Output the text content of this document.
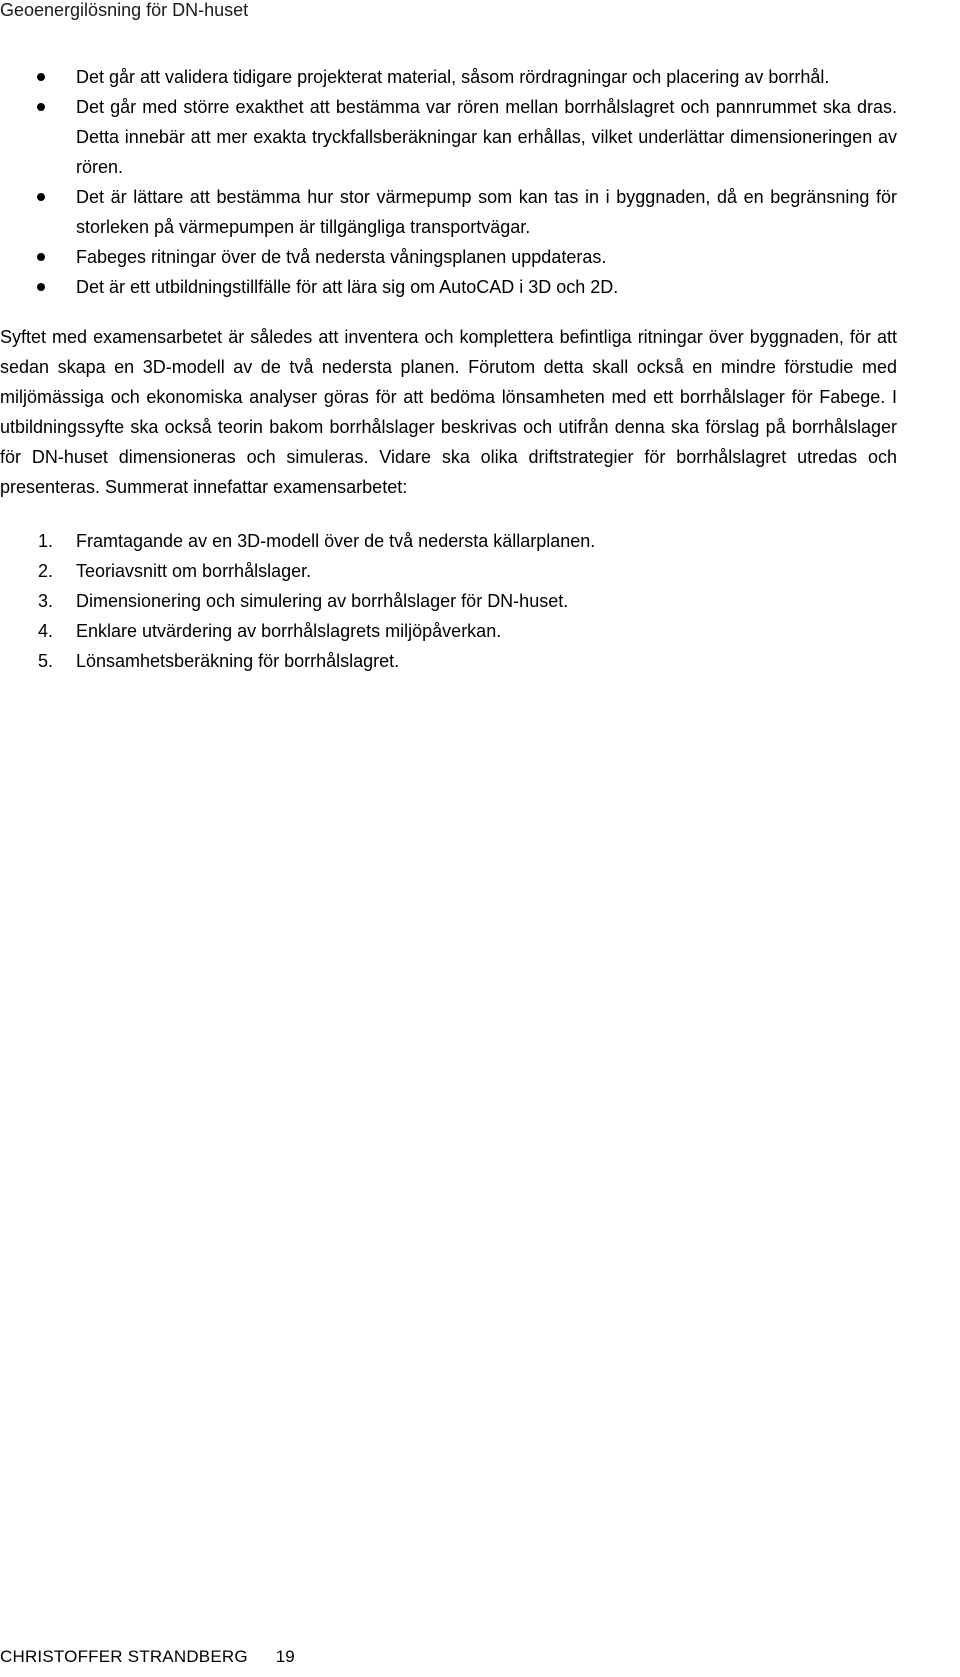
Geoenergilösning för DN-huset
Det går att validera tidigare projekterat material, såsom rördragningar och placering av borrhål.
Det går med större exakthet att bestämma var rören mellan borrhålslagret och pannrummet ska dras. Detta innebär att mer exakta tryckfallsberäkningar kan erhållas, vilket underlättar dimensioneringen av rören.
Det är lättare att bestämma hur stor värmepump som kan tas in i byggnaden, då en begränsning för storleken på värmepumpen är tillgängliga transportvägar.
Fabeges ritningar över de två nedersta våningsplanen uppdateras.
Det är ett utbildningstillfälle för att lära sig om AutoCAD i 3D och 2D.

Syftet med examensarbetet är således att inventera och komplettera befintliga ritningar över byggnaden, för att sedan skapa en 3D-modell av de två nedersta planen. Förutom detta skall också en mindre förstudie med miljömässiga och ekonomiska analyser göras för att bedöma lönsamheten med ett borrhålslager för Fabege. I utbildningssyfte ska också teorin bakom borrhålslager beskrivas och utifrån denna ska förslag på borrhålslager för DN-huset dimensioneras och simuleras. Vidare ska olika driftstrategier för borrhålslagret utredas och presenteras. Summerat innefattar examensarbetet:

1. Framtagande av en 3D-modell över de två nedersta källarplanen.
2. Teoriavsnitt om borrhålslager.
3. Dimensionering och simulering av borrhålslager för DN-huset.
4. Enklare utvärdering av borrhålslagrets miljöpåverkan.
5. Lönsamhetsberäkning för borrhålslagret.
CHRISTOFFER STRANDBERG 19
